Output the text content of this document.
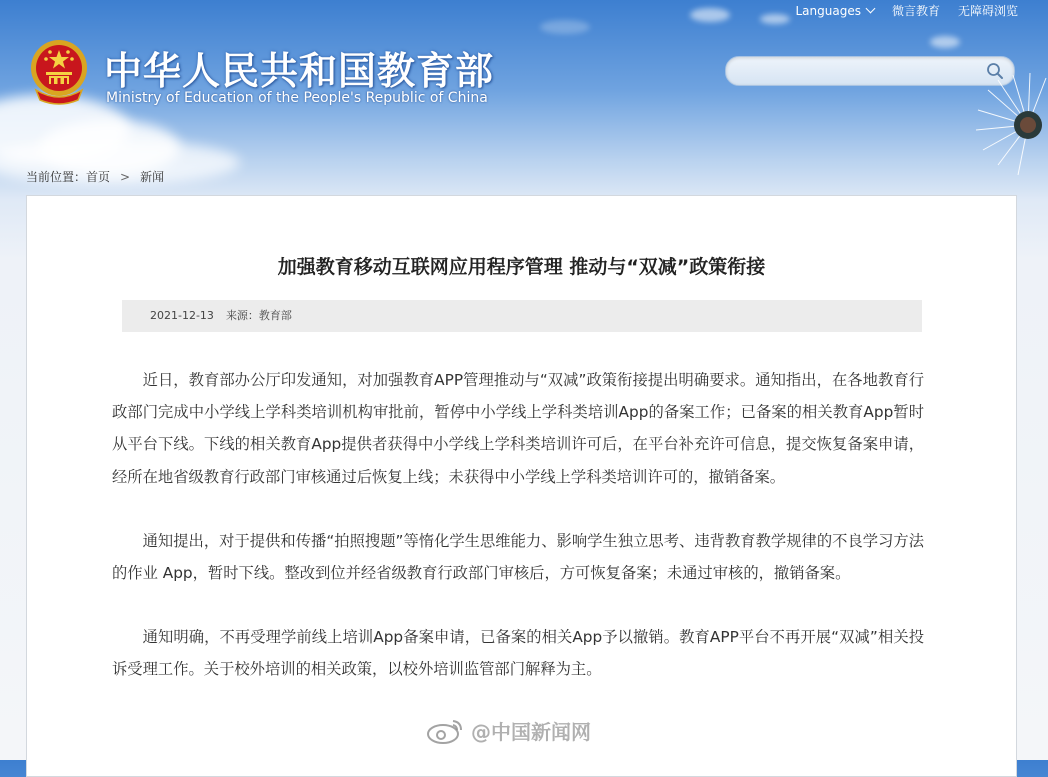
Languages	微言教育 无障碍浏览
中华人民共和国教育部
Ministry of Education of the People's Republic of China
当前位置：首页 > 新闻
加强教育移动互联网应用程序管理 推动与“双减”政策衔接
2021-12-13 来源：教育部

近日，教育部办公厅印发通知，对加强教育APP管理推动与“双减”政策衔接提出明确要求。通知指出，在各地教育行政部门完成中小学线上学科类培训机构审批前，暂停中小学线上学科类培训App的备案工作；已备案的相关教育App暂时从平台下线。下线的相关教育App提供者获得中小学线上学科类培训许可后，在平台补充许可信息，提交恢复备案申请，经所在地省级教育行政部门审核通过后恢复上线；未获得中小学线上学科类培训许可的，撤销备案。

通知提出，对于提供和传播“拍照搜题”等惰化学生思维能力、影响学生独立思考、违背教育教学规律的不良学习方法的作业 App，暂时下线。整改到位并经省级教育行政部门审核后，方可恢复备案；未通过审核的，撤销备案。

通知明确，不再受理学前线上培训App备案申请，已备案的相关App予以撤销。教育APP平台不再开展“双减”相关投诉受理工作。关于校外培训的相关政策，以校外培训监管部门解释为主。

@中国新闻网
